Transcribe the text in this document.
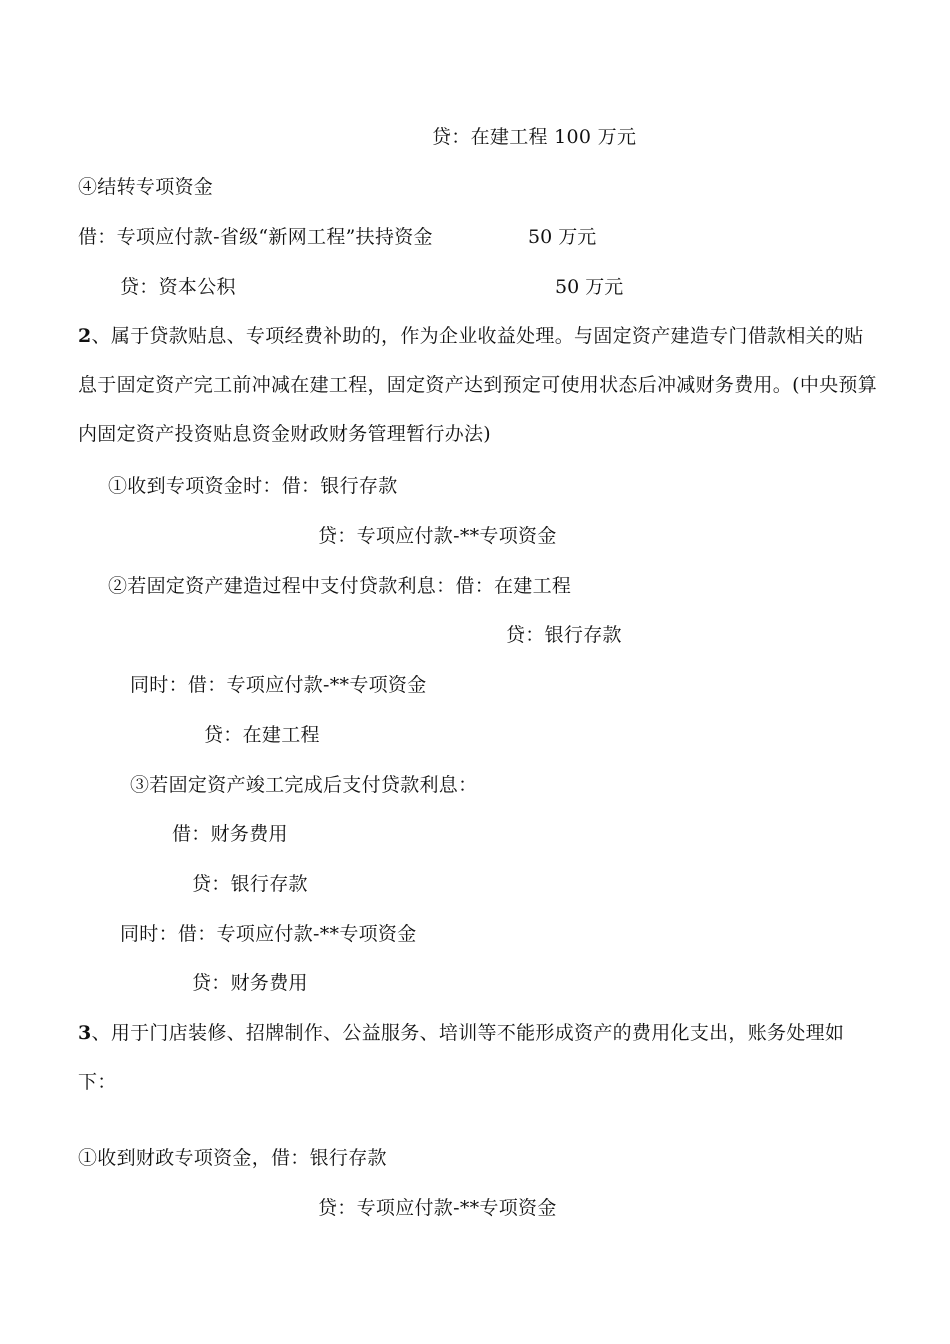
贷：在建工程 100 万元
④结转专项资金
借：专项应付款-省级“新网工程”扶持资金	50 万元
贷：资本公积	50 万元
2、属于贷款贴息、专项经费补助的，作为企业收益处理。与固定资产建造专门借款相关的贴息于固定资产完工前冲减在建工程，固定资产达到预定可使用状态后冲减财务费用。(中央预算内固定资产投资贴息资金财政财务管理暂行办法)
①收到专项资金时：借：银行存款
贷：专项应付款-**专项资金
②若固定资产建造过程中支付贷款利息：借：在建工程
贷：银行存款
同时：借：专项应付款-**专项资金
贷：在建工程
③若固定资产竣工完成后支付贷款利息：
借：财务费用
贷：银行存款
同时：借：专项应付款-**专项资金
贷：财务费用
3、用于门店装修、招牌制作、公益服务、培训等不能形成资产的费用化支出，账务处理如下：
①收到财政专项资金，借：银行存款
贷：专项应付款-**专项资金
